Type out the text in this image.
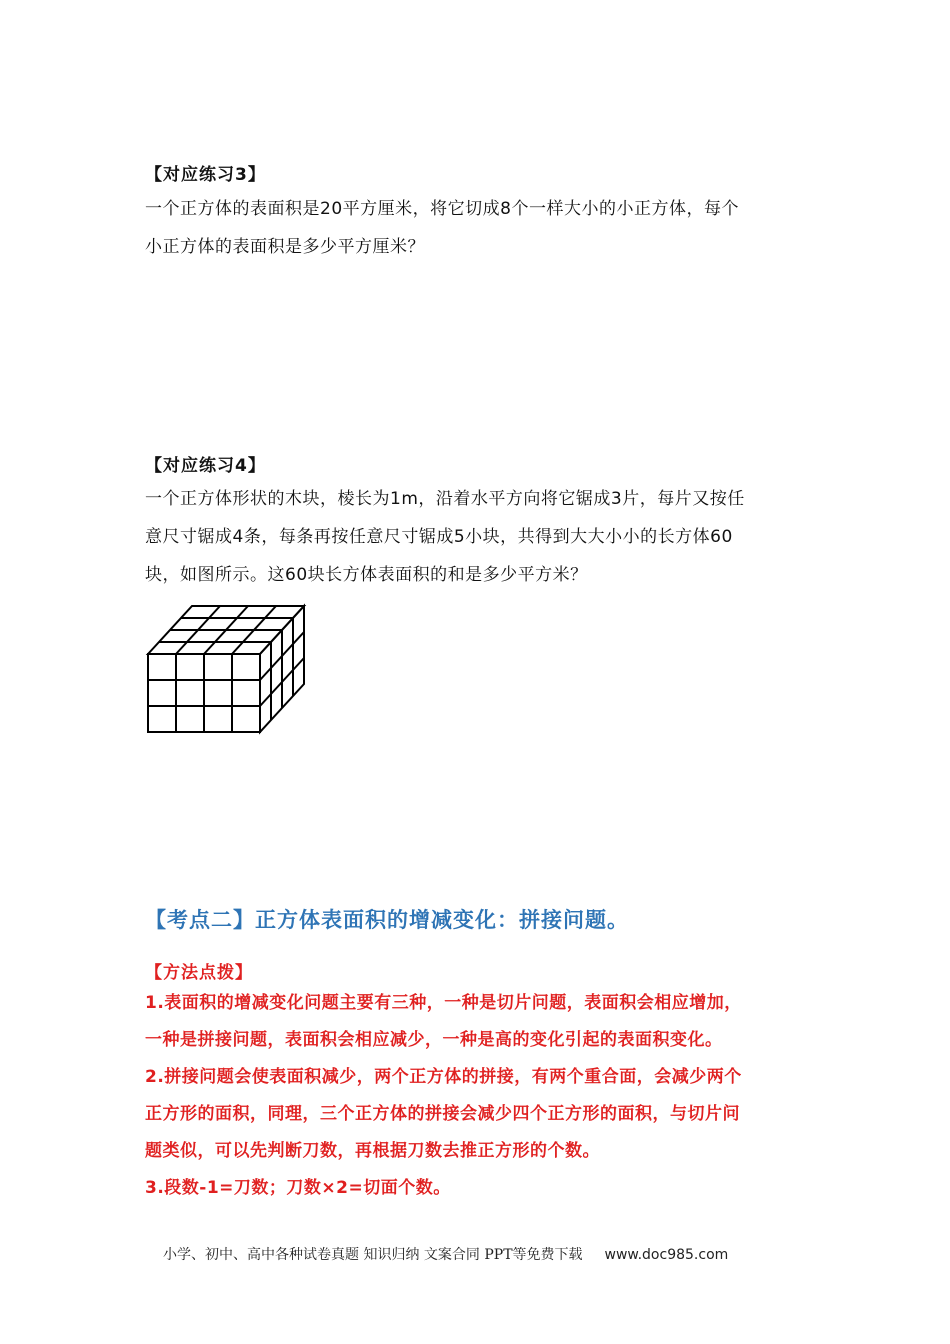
【对应练习3】
一个正方体的表面积是20平方厘米，将它切成8个一样大小的小正方体，每个
小正方体的表面积是多少平方厘米？
【对应练习4】
一个正方体形状的木块，棱长为1m，沿着水平方向将它锯成3片，每片又按任
意尺寸锯成4条，每条再按任意尺寸锯成5小块，共得到大大小小的长方体60
块，如图所示。这60块长方体表面积的和是多少平方米？
【考点二】正方体表面积的增减变化：拼接问题。
【方法点拨】
1.表面积的增减变化问题主要有三种，一种是切片问题，表面积会相应增加，
一种是拼接问题，表面积会相应减少，一种是高的变化引起的表面积变化。
2.拼接问题会使表面积减少，两个正方体的拼接，有两个重合面，会减少两个
正方形的面积，同理，三个正方体的拼接会减少四个正方形的面积，与切片问
题类似，可以先判断刀数，再根据刀数去推正方形的个数。
3.段数-1=刀数；刀数×2=切面个数。
小学、初中、高中各种试卷真题 知识归纳 文案合同 PPT等免费下载 www.doc985.com
